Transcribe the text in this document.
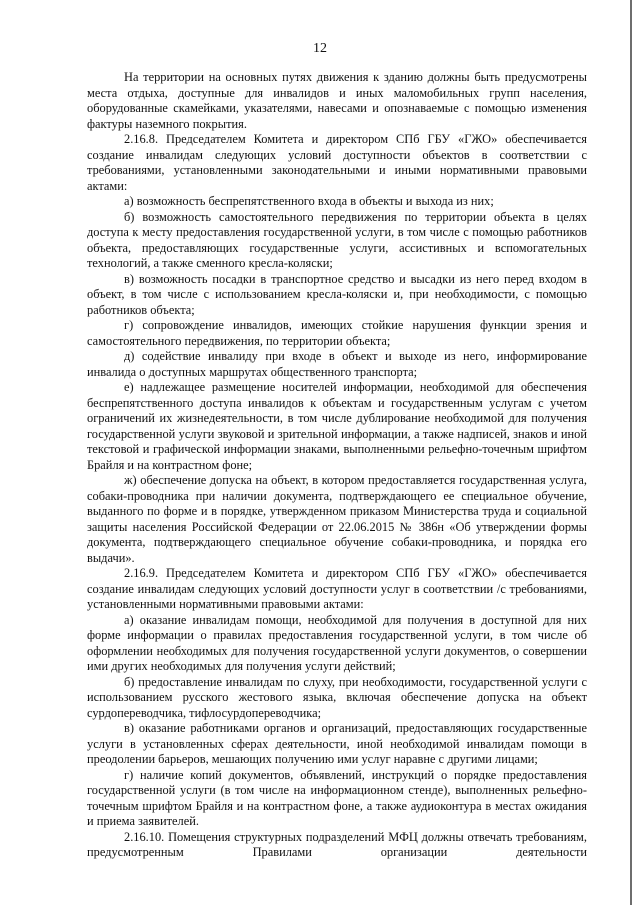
12

На территории на основных путях движения к зданию должны быть предусмотрены места отдыха, доступные для инвалидов и иных маломобильных групп населения, оборудованные скамейками, указателями, навесами и опознаваемые с помощью изменения фактуры наземного покрытия.

2.16.8. Председателем Комитета и директором СПб ГБУ «ГЖО» обеспечивается создание инвалидам следующих условий доступности объектов в соответствии с требованиями, установленными законодательными и иными нормативными правовыми актами:

а) возможность беспрепятственного входа в объекты и выхода из них;

б) возможность самостоятельного передвижения по территории объекта в целях доступа к месту предоставления государственной услуги, в том числе с помощью работников объекта, предоставляющих государственные услуги, ассистивных и вспомогательных технологий, а также сменного кресла-коляски;

в) возможность посадки в транспортное средство и высадки из него перед входом в объект, в том числе с использованием кресла-коляски и, при необходимости, с помощью работников объекта;

г) сопровождение инвалидов, имеющих стойкие нарушения функции зрения и самостоятельного передвижения, по территории объекта;

д) содействие инвалиду при входе в объект и выходе из него, информирование инвалида о доступных маршрутах общественного транспорта;

е) надлежащее размещение носителей информации, необходимой для обеспечения беспрепятственного доступа инвалидов к объектам и государственным услугам с учетом ограничений их жизнедеятельности, в том числе дублирование необходимой для получения государственной услуги звуковой и зрительной информации, а также надписей, знаков и иной текстовой и графической информации знаками, выполненными рельефно-точечным шрифтом Брайля и на контрастном фоне;

ж) обеспечение допуска на объект, в котором предоставляется государственная услуга, собаки-проводника при наличии документа, подтверждающего ее специальное обучение, выданного по форме и в порядке, утвержденном приказом Министерства труда и социальной защиты населения Российской Федерации от 22.06.2015 № 386н «Об утверждении формы документа, подтверждающего специальное обучение собаки-проводника, и порядка его выдачи».

2.16.9. Председателем Комитета и директором СПб ГБУ «ГЖО» обеспечивается создание инвалидам следующих условий доступности услуг в соответствии /с требованиями, установленными нормативными правовыми актами:

а) оказание инвалидам помощи, необходимой для получения в доступной для них форме информации о правилах предоставления государственной услуги, в том числе об оформлении необходимых для получения государственной услуги документов, о совершении ими других необходимых для получения услуги действий;

б) предоставление инвалидам по слуху, при необходимости, государственной услуги с использованием русского жестового языка, включая обеспечение допуска на объект сурдопереводчика, тифлосурдопереводчика;

в) оказание работниками органов и организаций, предоставляющих государственные услуги в установленных сферах деятельности, иной необходимой инвалидам помощи в преодолении барьеров, мешающих получению ими услуг наравне с другими лицами;

г) наличие копий документов, объявлений, инструкций о порядке предоставления государственной услуги (в том числе на информационном стенде), выполненных рельефно-точечным шрифтом Брайля и на контрастном фоне, а также аудиоконтура в местах ожидания и приема заявителей.

2.16.10. Помещения структурных подразделений МФЦ должны отвечать требованиям, предусмотренным Правилами организации деятельности
